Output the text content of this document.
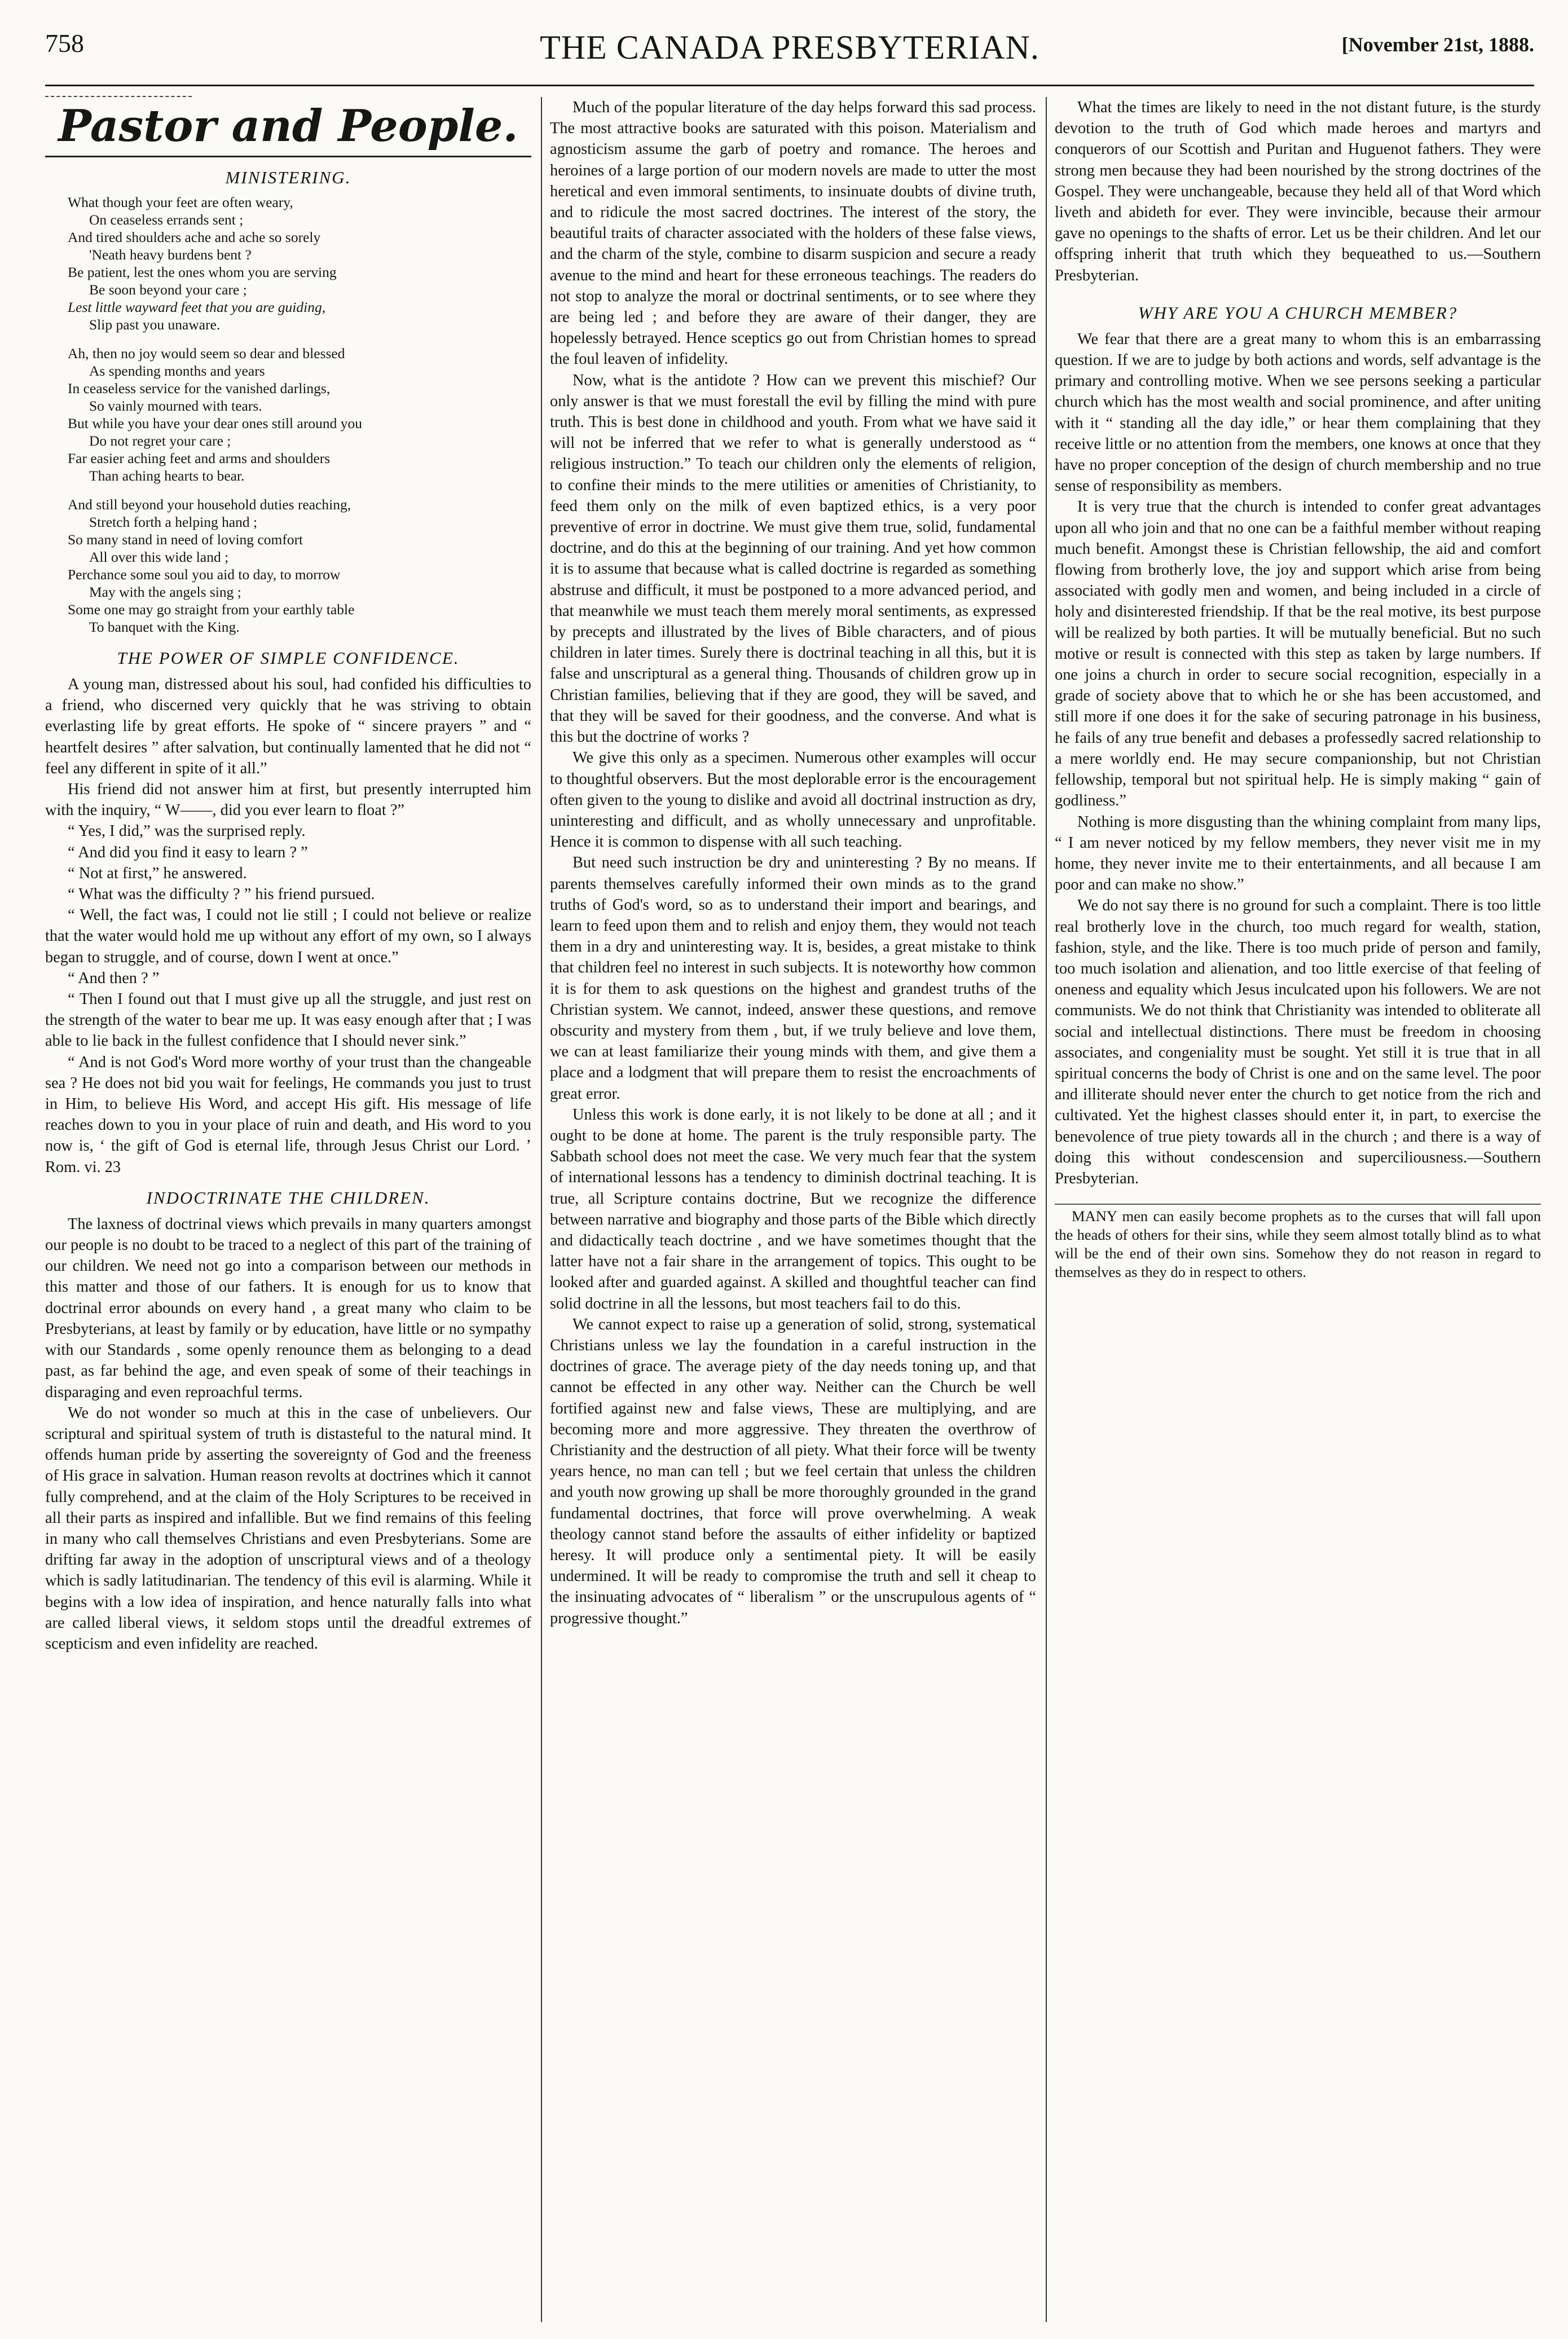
758	THE CANADA PRESBYTERIAN.	[November 21st, 1888.
Pastor and People.
MINISTERING.
What though your feet are often weary,
On ceaseless errands sent ;
And tired shoulders ache and ache so sorely
'Neath heavy burdens bent ?
Be patient, lest the ones whom you are serving
Be soon beyond your care ;
Lest little wayward feet that you are guiding,
Slip past you unaware.
Ah, then no joy would seem so dear and blessed
As spending months and years
In ceaseless service for the vanished darlings,
So vainly mourned with tears.
But while you have your dear ones still around you
Do not regret your care ;
Far easier aching feet and arms and shoulders
Than aching hearts to bear.
And still beyond your household duties reaching,
Stretch forth a helping hand ;
So many stand in need of loving comfort
All over this wide land ;
Perchance some soul you aid to day, to morrow
May with the angels sing ;
Some one may go straight from your earthly table
To banquet with the King.
THE POWER OF SIMPLE CONFIDENCE.

A young man, distressed about his soul, had confided his difficulties to a friend, who discerned very quickly that he was striving to obtain everlasting life by great efforts. He spoke of “ sincere prayers ” and “ heartfelt desires ” after salvation, but continually lamented that he did not “ feel any different in spite of it all.”

His friend did not answer him at first, but presently interrupted him with the inquiry, “ W——, did you ever learn to float ?”

“ Yes, I did,” was the surprised reply.

“ And did you find it easy to learn ? ”

“ Not at first,” he answered.

“ What was the difficulty ? ” his friend pursued.

“ Well, the fact was, I could not lie still ; I could not believe or realize that the water would hold me up without any effort of my own, so I always began to struggle, and of course, down I went at once.”

“ And then ? ”

“ Then I found out that I must give up all the struggle, and just rest on the strength of the water to bear me up. It was easy enough after that ; I was able to lie back in the fullest confidence that I should never sink.”

“ And is not God's Word more worthy of your trust than the changeable sea ? He does not bid you wait for feelings, He commands you just to trust in Him, to believe His Word, and accept His gift. His message of life reaches down to you in your place of ruin and death, and His word to you now is, ‘ the gift of God is eternal life, through Jesus Christ our Lord. ’ Rom. vi. 23

INDOCTRINATE THE CHILDREN.

The laxness of doctrinal views which prevails in many quarters amongst our people is no doubt to be traced to a neglect of this part of the training of our children. We need not go into a comparison between our methods in this matter and those of our fathers. It is enough for us to know that doctrinal error abounds on every hand , a great many who claim to be Presbyterians, at least by family or by education, have little or no sympathy with our Standards , some openly renounce them as belonging to a dead past, as far behind the age, and even speak of some of their teachings in disparaging and even reproachful terms.

We do not wonder so much at this in the case of unbelievers. Our scriptural and spiritual system of truth is distasteful to the natural mind. It offends human pride by asserting the sovereignty of God and the freeness of His grace in salvation. Human reason revolts at doctrines which it cannot fully comprehend, and at the claim of the Holy Scriptures to be received in all their parts as inspired and infallible. But we find remains of this feeling in many who call themselves Christians and even Presbyterians. Some are drifting far away in the adoption of unscriptural views and of a theology which is sadly latitudinarian. The tendency of this evil is alarming. While it begins with a low idea of inspiration, and hence naturally falls into what are called liberal views, it seldom stops until the dreadful extremes of scepticism and even infidelity are reached.

Much of the popular literature of the day helps forward this sad process. The most attractive books are saturated with this poison. Materialism and agnosticism assume the garb of poetry and romance. The heroes and heroines of a large portion of our modern novels are made to utter the most heretical and even immoral sentiments, to insinuate doubts of divine truth, and to ridicule the most sacred doctrines. The interest of the story, the beautiful traits of character associated with the holders of these false views, and the charm of the style, combine to disarm suspicion and secure a ready avenue to the mind and heart for these erroneous teachings. The readers do not stop to analyze the moral or doctrinal sentiments, or to see where they are being led ; and before they are aware of their danger, they are hopelessly betrayed. Hence sceptics go out from Christian homes to spread the foul leaven of infidelity.

Now, what is the antidote ? How can we prevent this mischief? Our only answer is that we must forestall the evil by filling the mind with pure truth. This is best done in childhood and youth. From what we have said it will not be inferred that we refer to what is generally understood as “ religious instruction.” To teach our children only the elements of religion, to confine their minds to the mere utilities or amenities of Christianity, to feed them only on the milk of even baptized ethics, is a very poor preventive of error in doctrine. We must give them true, solid, fundamental doctrine, and do this at the beginning of our training. And yet how common it is to assume that because what is called doctrine is regarded as something abstruse and difficult, it must be postponed to a more advanced period, and that meanwhile we must teach them merely moral sentiments, as expressed by precepts and illustrated by the lives of Bible characters, and of pious children in later times. Surely there is doctrinal teaching in all this, but it is false and unscriptural as a general thing. Thousands of children grow up in Christian families, believing that if they are good, they will be saved, and that they will be saved for their goodness, and the converse. And what is this but the doctrine of works ?

We give this only as a specimen. Numerous other examples will occur to thoughtful observers. But the most deplorable error is the encouragement often given to the young to dislike and avoid all doctrinal instruction as dry, uninteresting and difficult, and as wholly unnecessary and unprofitable. Hence it is common to dispense with all such teaching.

But need such instruction be dry and uninteresting ? By no means. If parents themselves carefully informed their own minds as to the grand truths of God's word, so as to understand their import and bearings, and learn to feed upon them and to relish and enjoy them, they would not teach them in a dry and uninteresting way. It is, besides, a great mistake to think that children feel no interest in such subjects. It is noteworthy how common it is for them to ask questions on the highest and grandest truths of the Christian system. We cannot, indeed, answer these questions, and remove obscurity and mystery from them , but, if we truly believe and love them, we can at least familiarize their young minds with them, and give them a place and a lodgment that will prepare them to resist the encroachments of great error.

Unless this work is done early, it is not likely to be done at all ; and it ought to be done at home. The parent is the truly responsible party. The Sabbath school does not meet the case. We very much fear that the system of international lessons has a tendency to diminish doctrinal teaching. It is true, all Scripture contains doctrine, But we recognize the difference between narrative and biography and those parts of the Bible which directly and didactically teach doctrine , and we have sometimes thought that the latter have not a fair share in the arrangement of topics. This ought to be looked after and guarded against. A skilled and thoughtful teacher can find solid doctrine in all the lessons, but most teachers fail to do this.

We cannot expect to raise up a generation of solid, strong, systematical Christians unless we lay the foundation in a careful instruction in the doctrines of grace. The average piety of the day needs toning up, and that cannot be effected in any other way. Neither can the Church be well fortified against new and false views, These are multiplying, and are becoming more and more aggressive. They threaten the overthrow of Christianity and the destruction of all piety. What their force will be twenty years hence, no man can tell ; but we feel certain that unless the children and youth now growing up shall be more thoroughly grounded in the grand fundamental doctrines, that force will prove overwhelming. A weak theology cannot stand before the assaults of either infidelity or baptized heresy. It will produce only a sentimental piety. It will be easily undermined. It will be ready to compromise the truth and sell it cheap to the insinuating advocates of “ liberalism ” or the unscrupulous agents of “ progressive thought.”

What the times are likely to need in the not distant future, is the sturdy devotion to the truth of God which made heroes and martyrs and conquerors of our Scottish and Puritan and Huguenot fathers. They were strong men because they had been nourished by the strong doctrines of the Gospel. They were unchangeable, because they held all of that Word which liveth and abideth for ever. They were invincible, because their armour gave no openings to the shafts of error. Let us be their children. And let our offspring inherit that truth which they bequeathed to us.—Southern Presbyterian.

WHY ARE YOU A CHURCH MEMBER?

We fear that there are a great many to whom this is an embarrassing question. If we are to judge by both actions and words, self advantage is the primary and controlling motive. When we see persons seeking a particular church which has the most wealth and social prominence, and after uniting with it “ standing all the day idle,” or hear them complaining that they receive little or no attention from the members, one knows at once that they have no proper conception of the design of church membership and no true sense of responsibility as members.

It is very true that the church is intended to confer great advantages upon all who join and that no one can be a faithful member without reaping much benefit. Amongst these is Christian fellowship, the aid and comfort flowing from brotherly love, the joy and support which arise from being associated with godly men and women, and being included in a circle of holy and disinterested friendship. If that be the real motive, its best purpose will be realized by both parties. It will be mutually beneficial. But no such motive or result is connected with this step as taken by large numbers. If one joins a church in order to secure social recognition, especially in a grade of society above that to which he or she has been accustomed, and still more if one does it for the sake of securing patronage in his business, he fails of any true benefit and debases a professedly sacred relationship to a mere worldly end. He may secure companionship, but not Christian fellowship, temporal but not spiritual help. He is simply making “ gain of godliness.”

Nothing is more disgusting than the whining complaint from many lips, “ I am never noticed by my fellow members, they never visit me in my home, they never invite me to their entertainments, and all because I am poor and can make no show.”

We do not say there is no ground for such a complaint. There is too little real brotherly love in the church, too much regard for wealth, station, fashion, style, and the like. There is too much pride of person and family, too much isolation and alienation, and too little exercise of that feeling of oneness and equality which Jesus inculcated upon his followers. We are not communists. We do not think that Christianity was intended to obliterate all social and intellectual distinctions. There must be freedom in choosing associates, and congeniality must be sought. Yet still it is true that in all spiritual concerns the body of Christ is one and on the same level. The poor and illiterate should never enter the church to get notice from the rich and cultivated. Yet the highest classes should enter it, in part, to exercise the benevolence of true piety towards all in the church ; and there is a way of doing this without condescension and superciliousness.—Southern Presbyterian.

MANY men can easily become prophets as to the curses that will fall upon the heads of others for their sins, while they seem almost totally blind as to what will be the end of their own sins. Somehow they do not reason in regard to themselves as they do in respect to others.
